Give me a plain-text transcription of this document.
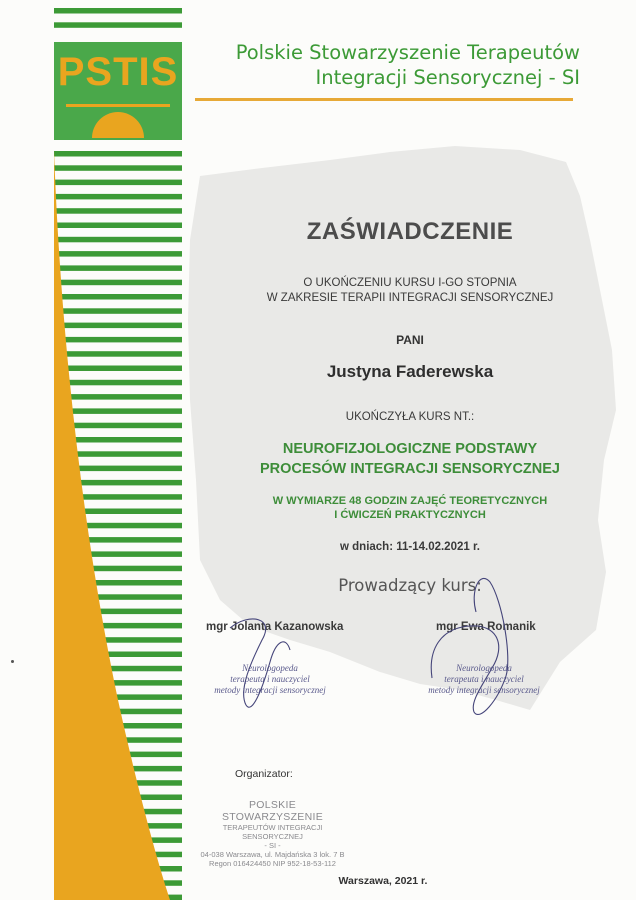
PSTIS	Polskie Stowarzyszenie Terapeutów
Integracji Sensorycznej - SI
ZAŚWIADCZENIE
O UKOŃCZENIU KURSU I-GO STOPNIA
W ZAKRESIE TERAPII INTEGRACJI SENSORYCZNEJ
PANI
Justyna Faderewska
UKOŃCZYŁA KURS NT.:
NEUROFIZJOLOGICZNE PODSTAWY
PROCESÓW INTEGRACJI SENSORYCZNEJ
W WYMIARZE 48 GODZIN ZAJĘĆ TEORETYCZNYCH
I ĆWICZEŃ PRAKTYCZNYCH
w dniach: 11-14.02.2021 r.
Prowadzący kurs:
mgr Jolanta Kazanowska	mgr Ewa Romanik
Neurologopeda
terapeuta i nauczyciel
metody integracji sensorycznej
Neurologopeda
terapeuta i nauczyciel
metody integracji sensorycznej
Organizator:
POLSKIE STOWARZYSZENIE
TERAPEUTÓW INTEGRACJI SENSORYCZNEJ
- SI -
04-038 Warszawa, ul. Majdańska 3 lok. 7 B
Regon 016424450 NIP 952-18-53-112
Warszawa, 2021 r.
